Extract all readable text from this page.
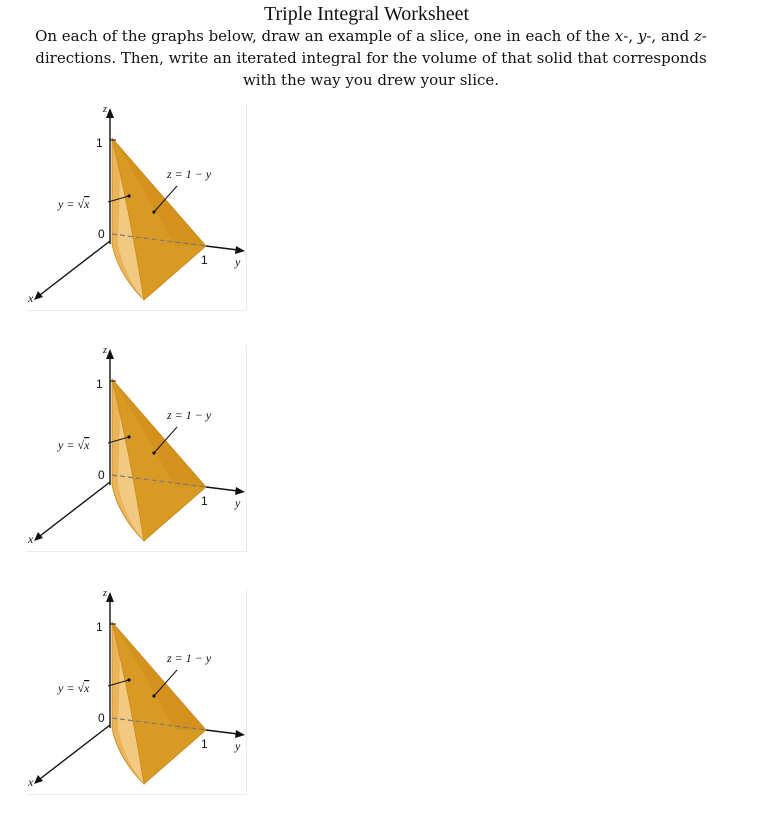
Triple Integral Worksheet
On each of the graphs below, draw an example of a slice, one in each of the x-, y-, and z-directions. Then, write an iterated integral for the volume of that solid that corresponds with the way you drew your slice.
z
x
y
1
1
0
z = 1 − y
y = √x
z
x
y
1
1
0
z = 1 − y
y = √x
z
x
y
1
1
0
z = 1 − y
y = √x
